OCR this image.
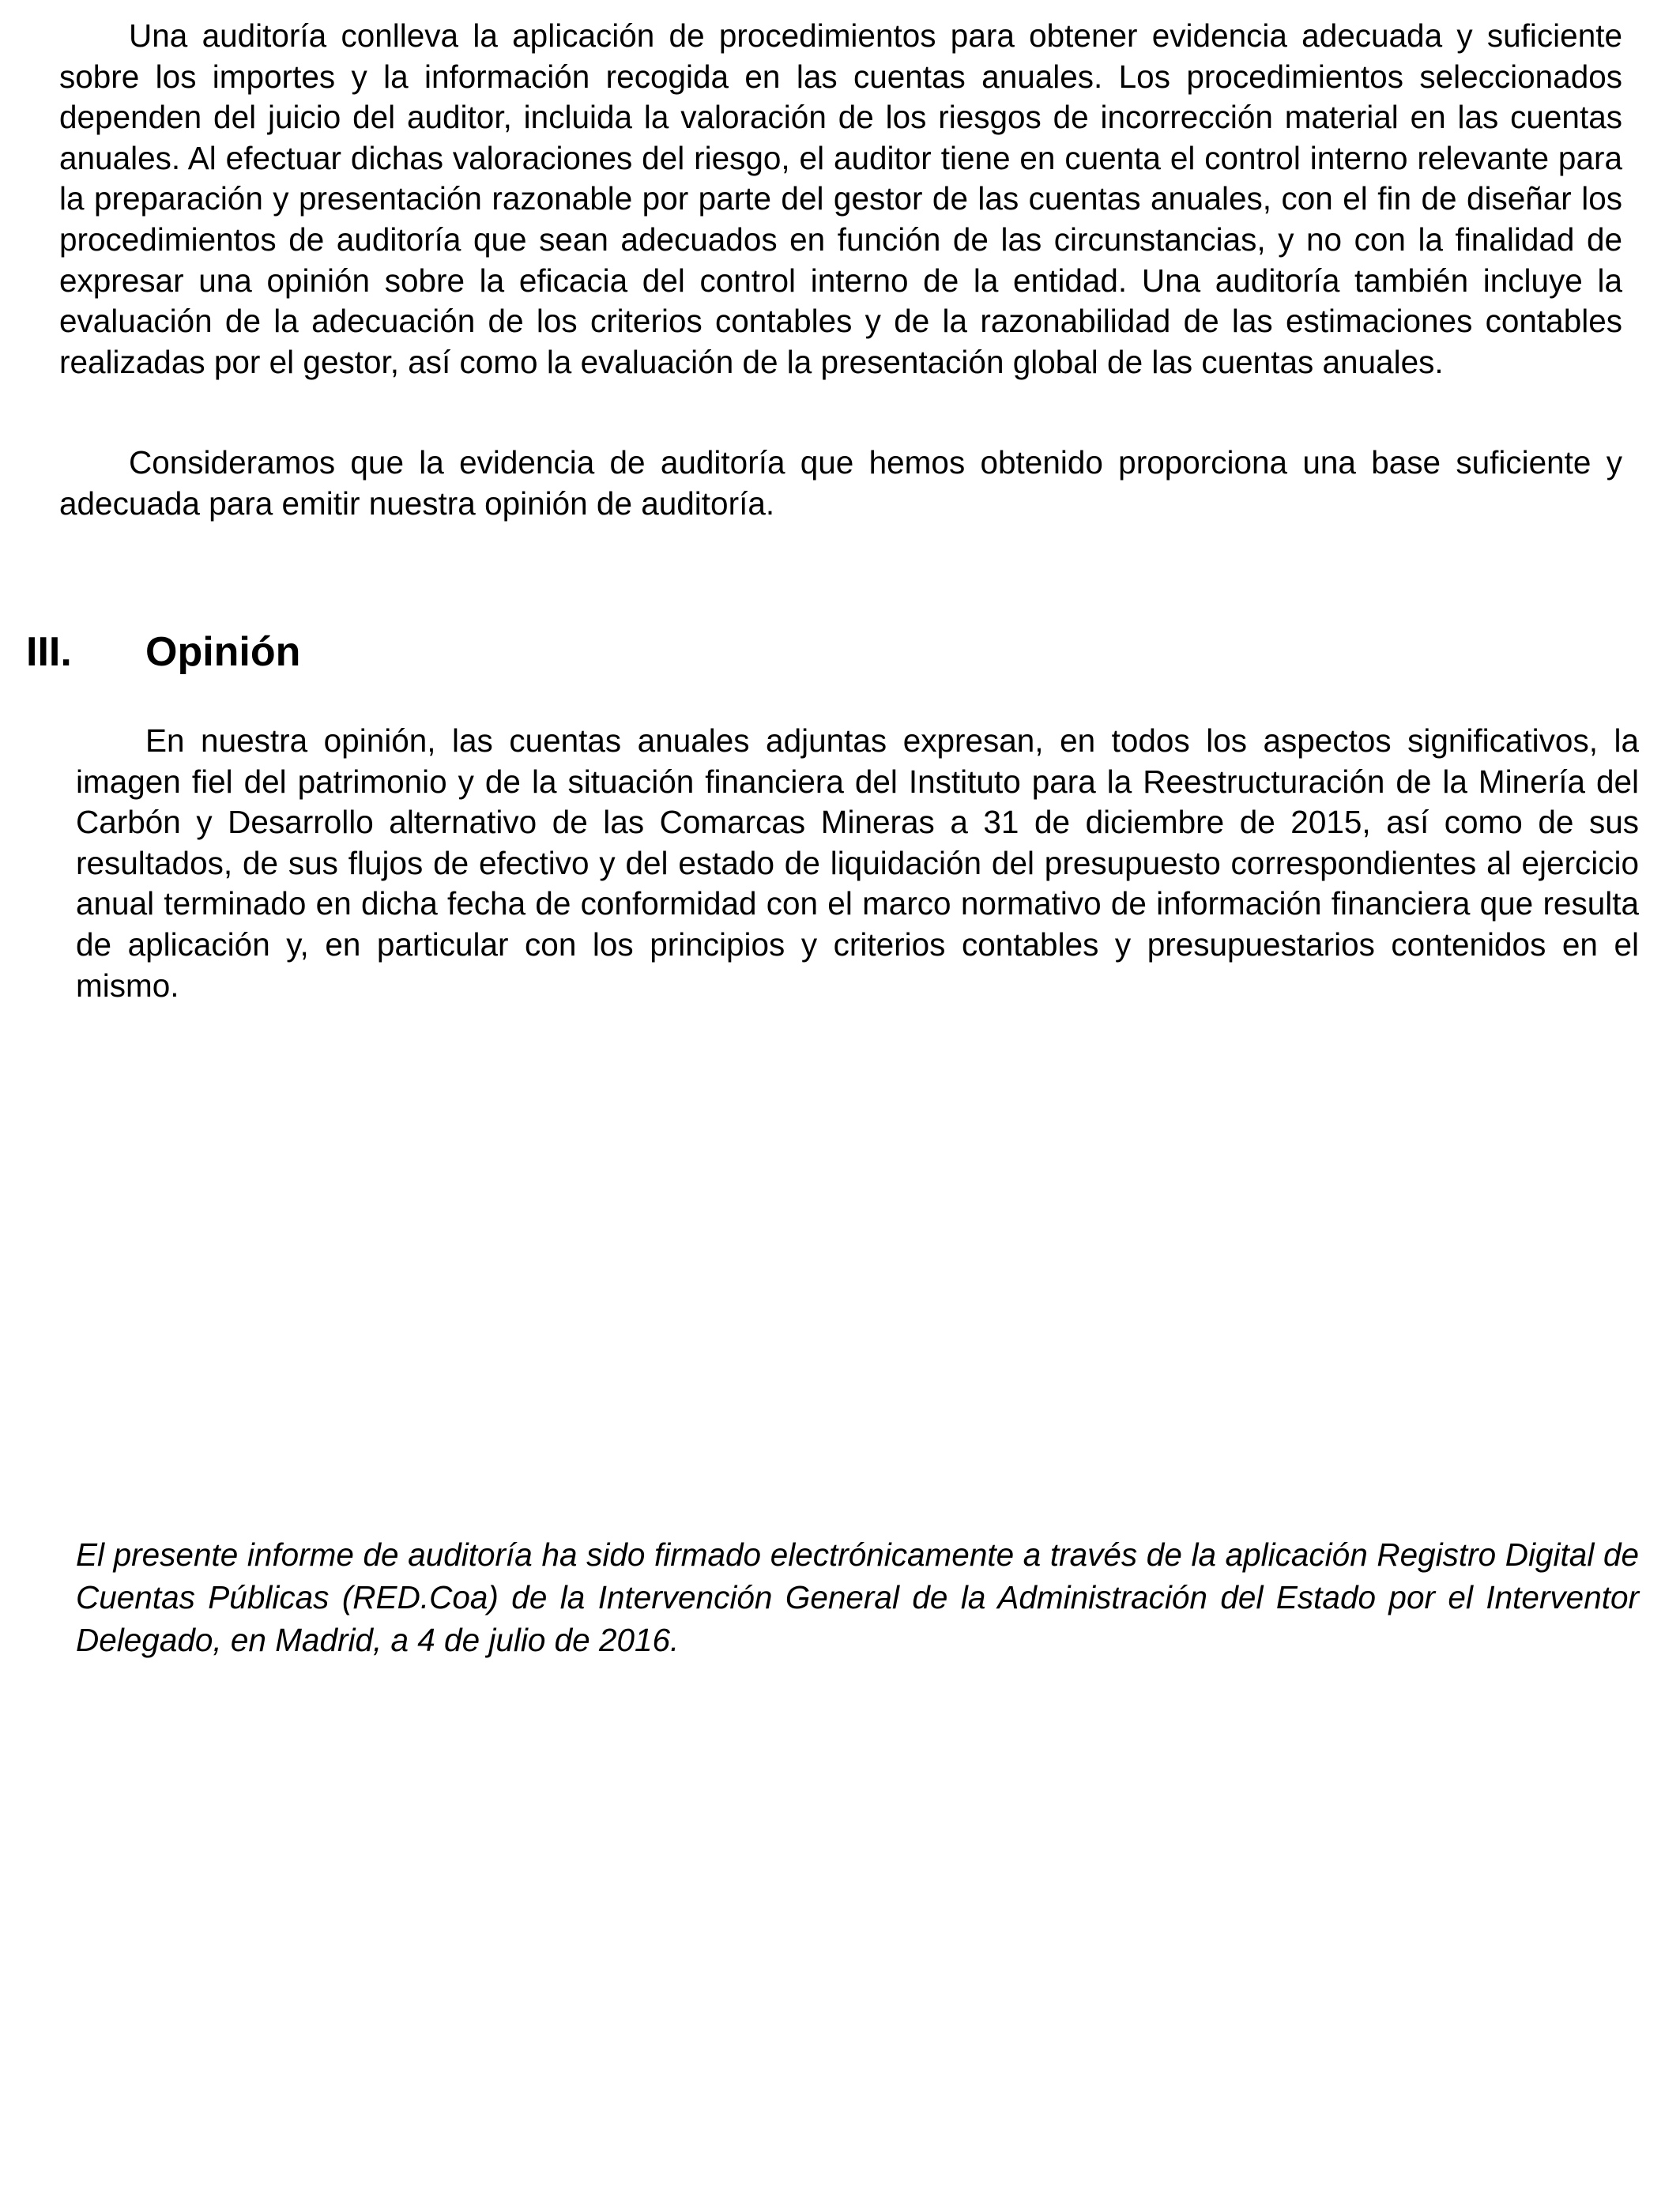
Una auditoría conlleva la aplicación de procedimientos para obtener evidencia adecuada y suficiente sobre los importes y la información recogida en las cuentas anuales. Los procedimientos seleccionados dependen del juicio del auditor, incluida la valoración de los riesgos de incorrección material en las cuentas anuales. Al efectuar dichas valoraciones del riesgo, el auditor tiene en cuenta el control interno relevante para la preparación y presentación razonable por parte del gestor de las cuentas anuales, con el fin de diseñar los procedimientos de auditoría que sean adecuados en función de las circunstancias, y no con la finalidad de expresar una opinión sobre la eficacia del control interno de la entidad. Una auditoría también incluye la evaluación de la adecuación de los criterios contables y de la razonabilidad de las estimaciones contables realizadas por el gestor, así como la evaluación de la presentación global de las cuentas anuales.

Consideramos que la evidencia de auditoría que hemos obtenido proporciona una base suficiente y adecuada para emitir nuestra opinión de auditoría.

III. Opinión

En nuestra opinión, las cuentas anuales adjuntas expresan, en todos los aspectos significativos, la imagen fiel del patrimonio y de la situación financiera del Instituto para la Reestructuración de la Minería del Carbón y Desarrollo alternativo de las Comarcas Mineras a 31 de diciembre de 2015, así como de sus resultados, de sus flujos de efectivo y del estado de liquidación del presupuesto correspondientes al ejercicio anual terminado en dicha fecha de conformidad con el marco normativo de información financiera que resulta de aplicación y, en particular con los principios y criterios contables y presupuestarios contenidos en el mismo.

El presente informe de auditoría ha sido firmado electrónicamente a través de la aplicación Registro Digital de Cuentas Públicas (RED.Coa) de la Intervención General de la Administración del Estado por el Interventor Delegado, en Madrid, a 4 de julio de 2016.
